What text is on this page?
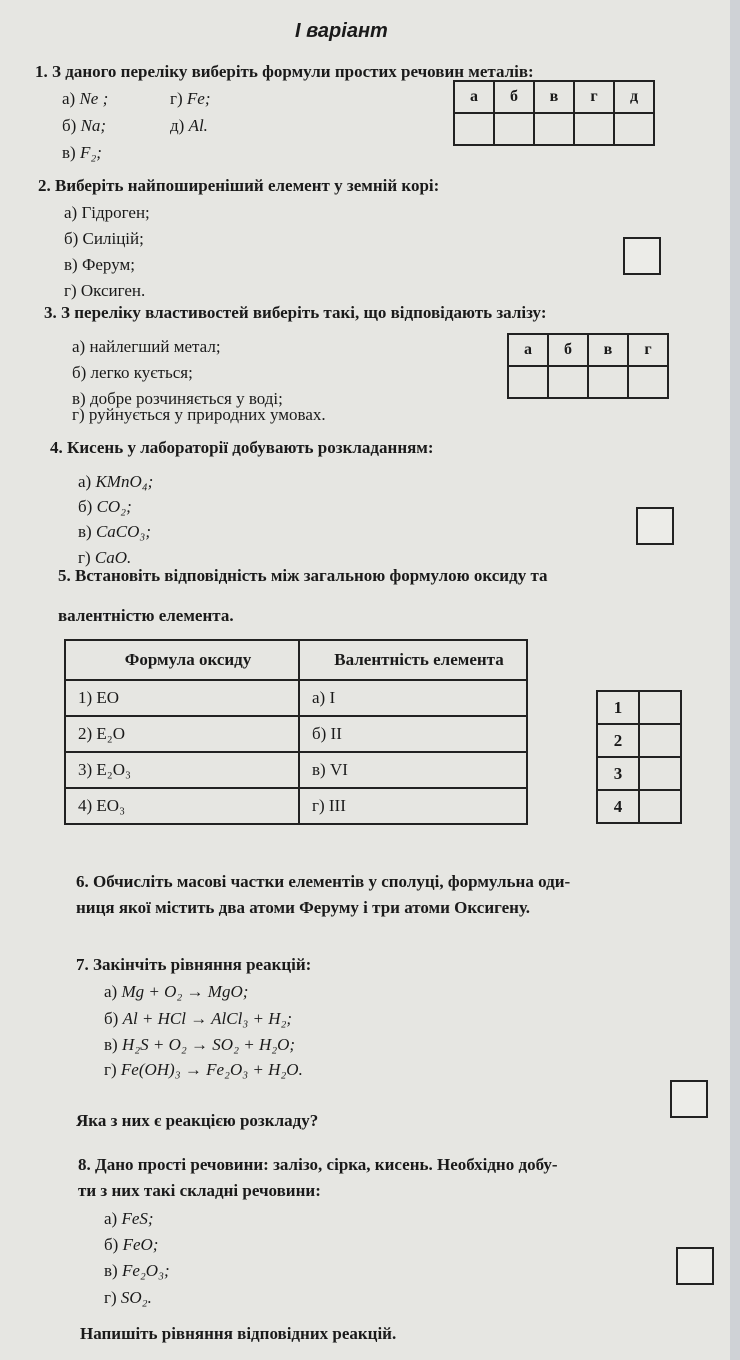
I варіант
1. З даного переліку виберіть формули простих речовин металів:
а) Ne ;
б) Na;
в) F₂;
г) Fe;
д) Al.
а	б	в	г	д

2. Виберіть найпоширеніший елемент у земній корі:
а) Гідроген;
б) Силіцій;
в) Ферум;
г) Оксиген.
3. З переліку властивостей виберіть такі, що відповідають залізу:
а) найлегший метал;
б) легко кується;
в) добре розчиняється у воді;
г) руйнується у природних умовах.
а	б	в	г

4. Кисень у лабораторії добувають розкладанням:
а) KMnO₄;
б) CO₂;
в) CaCO₃;
г) CaO.
5. Встановіть відповідність між загальною формулою оксиду та
валентністю елемента.
Формула оксиду	Валентність елемента
1) EO	а) I
2) E₂O	б) II
3) E₂O₃	в) VI
4) EO₃	г) III
1	
2	
3	
4	
6. Обчисліть масові частки елементів у сполуці, формульна оди-
ниця якої містить два атоми Феруму і три атоми Оксигену.
7. Закінчіть рівняння реакцій:
а) Mg + O₂ → MgO;
б) Al + HCl → AlCl₃ + H₂;
в) H₂S + O₂ → SO₂ + H₂O;
г) Fe(OH)₃ → Fe₂O₃ + H₂O.
Яка з них є реакцією розкладу?
8. Дано прості речовини: залізо, сірка, кисень. Необхідно добу-
ти з них такі складні речовини:
а) FeS;
б) FeO;
в) Fe₂O₃;
г) SO₂.
Напишіть рівняння відповідних реакцій.
